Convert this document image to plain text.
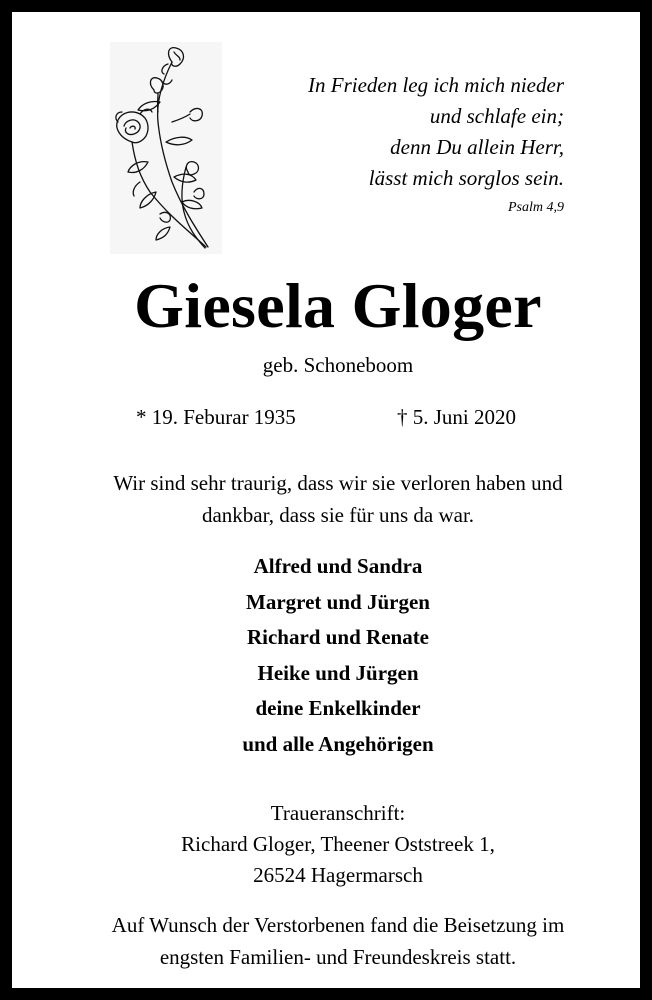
In Frieden leg ich mich nieder
und schlafe ein;
denn Du allein Herr,
lässt mich sorglos sein.
Psalm 4,9
Giesela Gloger
geb. Schoneboom
* 19. Feburar 1935	† 5. Juni 2020
Wir sind sehr traurig, dass wir sie verloren haben und
dankbar, dass sie für uns da war.
Alfred und Sandra
Margret und Jürgen
Richard und Renate
Heike und Jürgen
deine Enkelkinder
und alle Angehörigen
Traueranschrift:
Richard Gloger, Theener Oststreek 1,
26524 Hagermarsch
Auf Wunsch der Verstorbenen fand die Beisetzung im
engsten Familien- und Freundeskreis statt.
